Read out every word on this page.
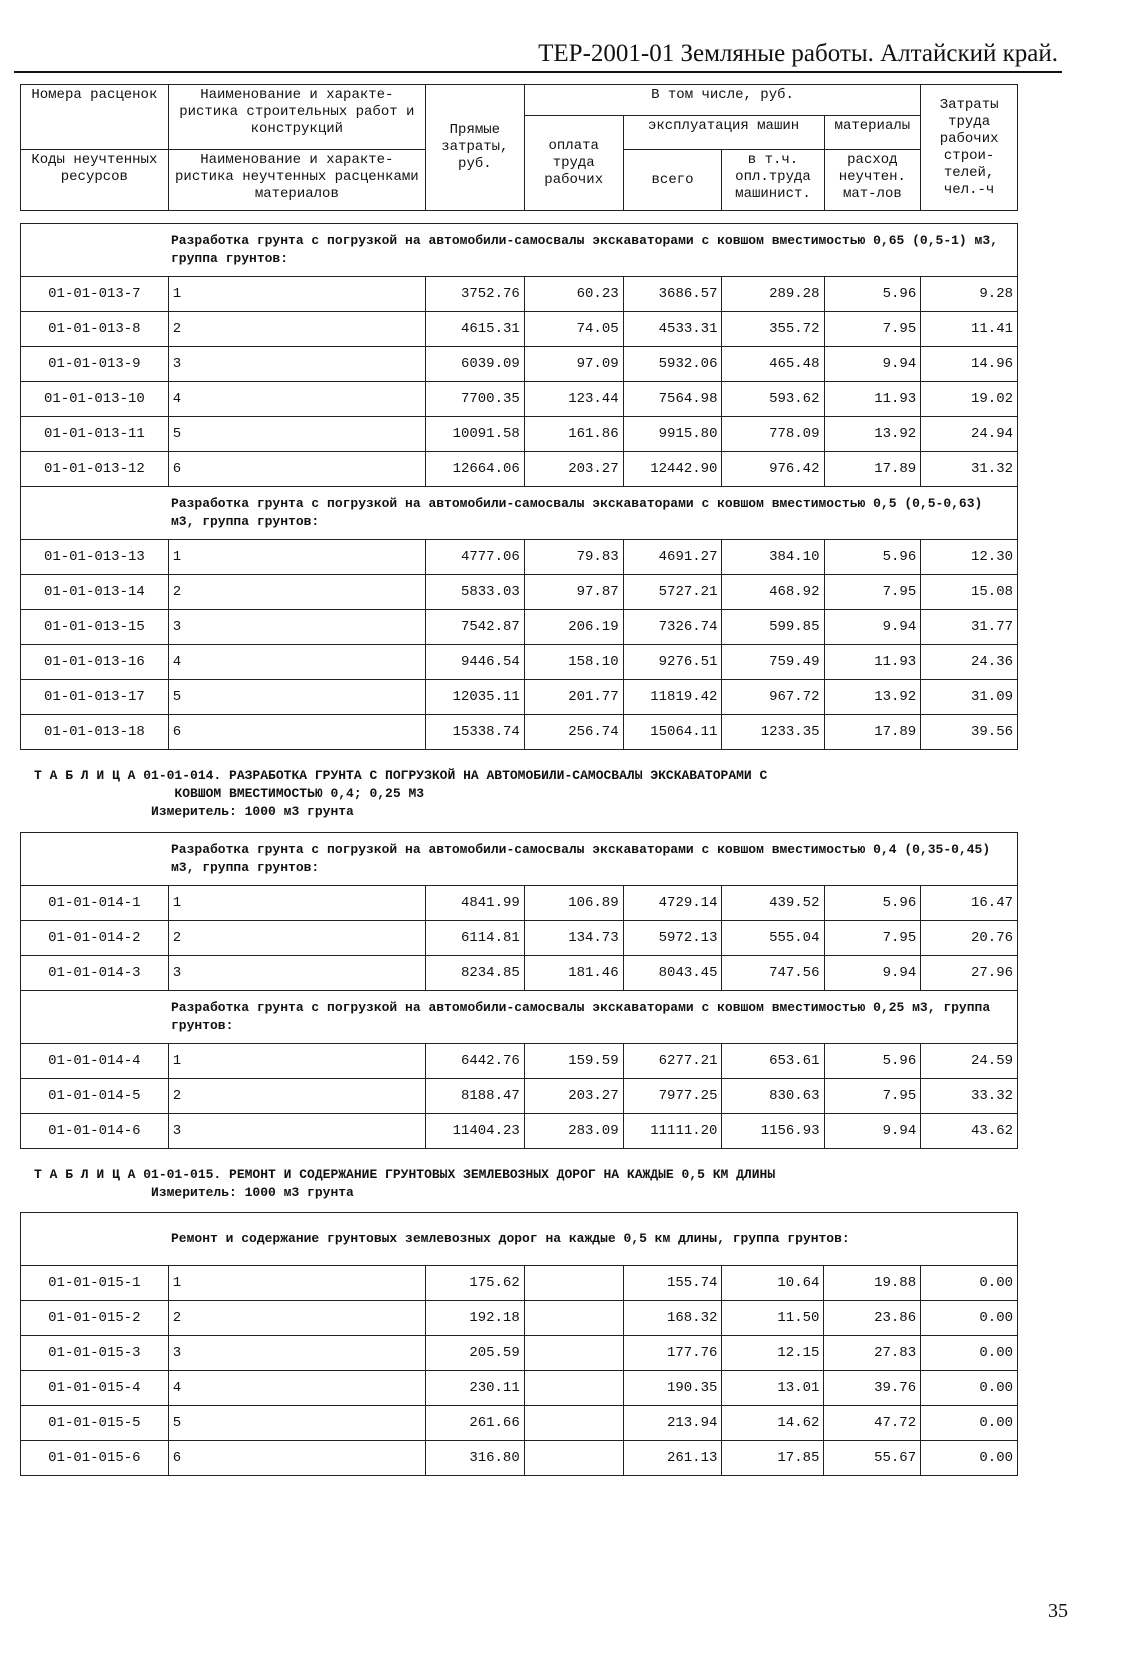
ТЕР-2001-01 Земляные работы. Алтайский край.
Номера расценок	Наименование и характе-ристика строительных работ и конструкций	Прямые затраты, руб.	В том числе, руб.				Затраты труда рабочих строи-телей, чел.-ч
			оплата труда рабочих	эксплуатация машин		материалы	
Коды неучтенных ресурсов	Наименование и характе-ристика неучтенных расценками материалов			всего	в т.ч. опл.труда машинист.	расход неучтен. мат-лов	
Разработка грунта с погрузкой на автомобили-самосвалы экскаваторами с ковшом вместимостью 0,65 (0,5-1) м3, группа грунтов:							
01-01-013-7	1	3752.76	60.23	3686.57	289.28	5.96	9.28
01-01-013-8	2	4615.31	74.05	4533.31	355.72	7.95	11.41
01-01-013-9	3	6039.09	97.09	5932.06	465.48	9.94	14.96
01-01-013-10	4	7700.35	123.44	7564.98	593.62	11.93	19.02
01-01-013-11	5	10091.58	161.86	9915.80	778.09	13.92	24.94
01-01-013-12	6	12664.06	203.27	12442.90	976.42	17.89	31.32
Разработка грунта с погрузкой на автомобили-самосвалы экскаваторами с ковшом вместимостью 0,5 (0,5-0,63) м3, группа грунтов:							
01-01-013-13	1	4777.06	79.83	4691.27	384.10	5.96	12.30
01-01-013-14	2	5833.03	97.87	5727.21	468.92	7.95	15.08
01-01-013-15	3	7542.87	206.19	7326.74	599.85	9.94	31.77
01-01-013-16	4	9446.54	158.10	9276.51	759.49	11.93	24.36
01-01-013-17	5	12035.11	201.77	11819.42	967.72	13.92	31.09
01-01-013-18	6	15338.74	256.74	15064.11	1233.35	17.89	39.56
Т А Б Л И Ц А 01-01-014. РАЗРАБОТКА ГРУНТА С ПОГРУЗКОЙ НА АВТОМОБИЛИ-САМОСВАЛЫ ЭКСКАВАТОРАМИ С
КОВШОМ ВМЕСТИМОСТЬЮ 0,4; 0,25 М3
Измеритель: 1000 м3 грунта
Разработка грунта с погрузкой на автомобили-самосвалы экскаваторами с ковшом вместимостью 0,4 (0,35-0,45) м3, группа грунтов:							
01-01-014-1	1	4841.99	106.89	4729.14	439.52	5.96	16.47
01-01-014-2	2	6114.81	134.73	5972.13	555.04	7.95	20.76
01-01-014-3	3	8234.85	181.46	8043.45	747.56	9.94	27.96
Разработка грунта с погрузкой на автомобили-самосвалы экскаваторами с ковшом вместимостью 0,25 м3, группа грунтов:							
01-01-014-4	1	6442.76	159.59	6277.21	653.61	5.96	24.59
01-01-014-5	2	8188.47	203.27	7977.25	830.63	7.95	33.32
01-01-014-6	3	11404.23	283.09	11111.20	1156.93	9.94	43.62
Т А Б Л И Ц А 01-01-015. РЕМОНТ И СОДЕРЖАНИЕ ГРУНТОВЫХ ЗЕМЛЕВОЗНЫХ ДОРОГ НА КАЖДЫЕ 0,5 КМ ДЛИНЫ
Измеритель: 1000 м3 грунта
Ремонт и содержание грунтовых землевозных дорог на каждые 0,5 км длины, группа грунтов:							
01-01-015-1	1	175.62		155.74	10.64	19.88	0.00
01-01-015-2	2	192.18		168.32	11.50	23.86	0.00
01-01-015-3	3	205.59		177.76	12.15	27.83	0.00
01-01-015-4	4	230.11		190.35	13.01	39.76	0.00
01-01-015-5	5	261.66		213.94	14.62	47.72	0.00
01-01-015-6	6	316.80		261.13	17.85	55.67	0.00
35
